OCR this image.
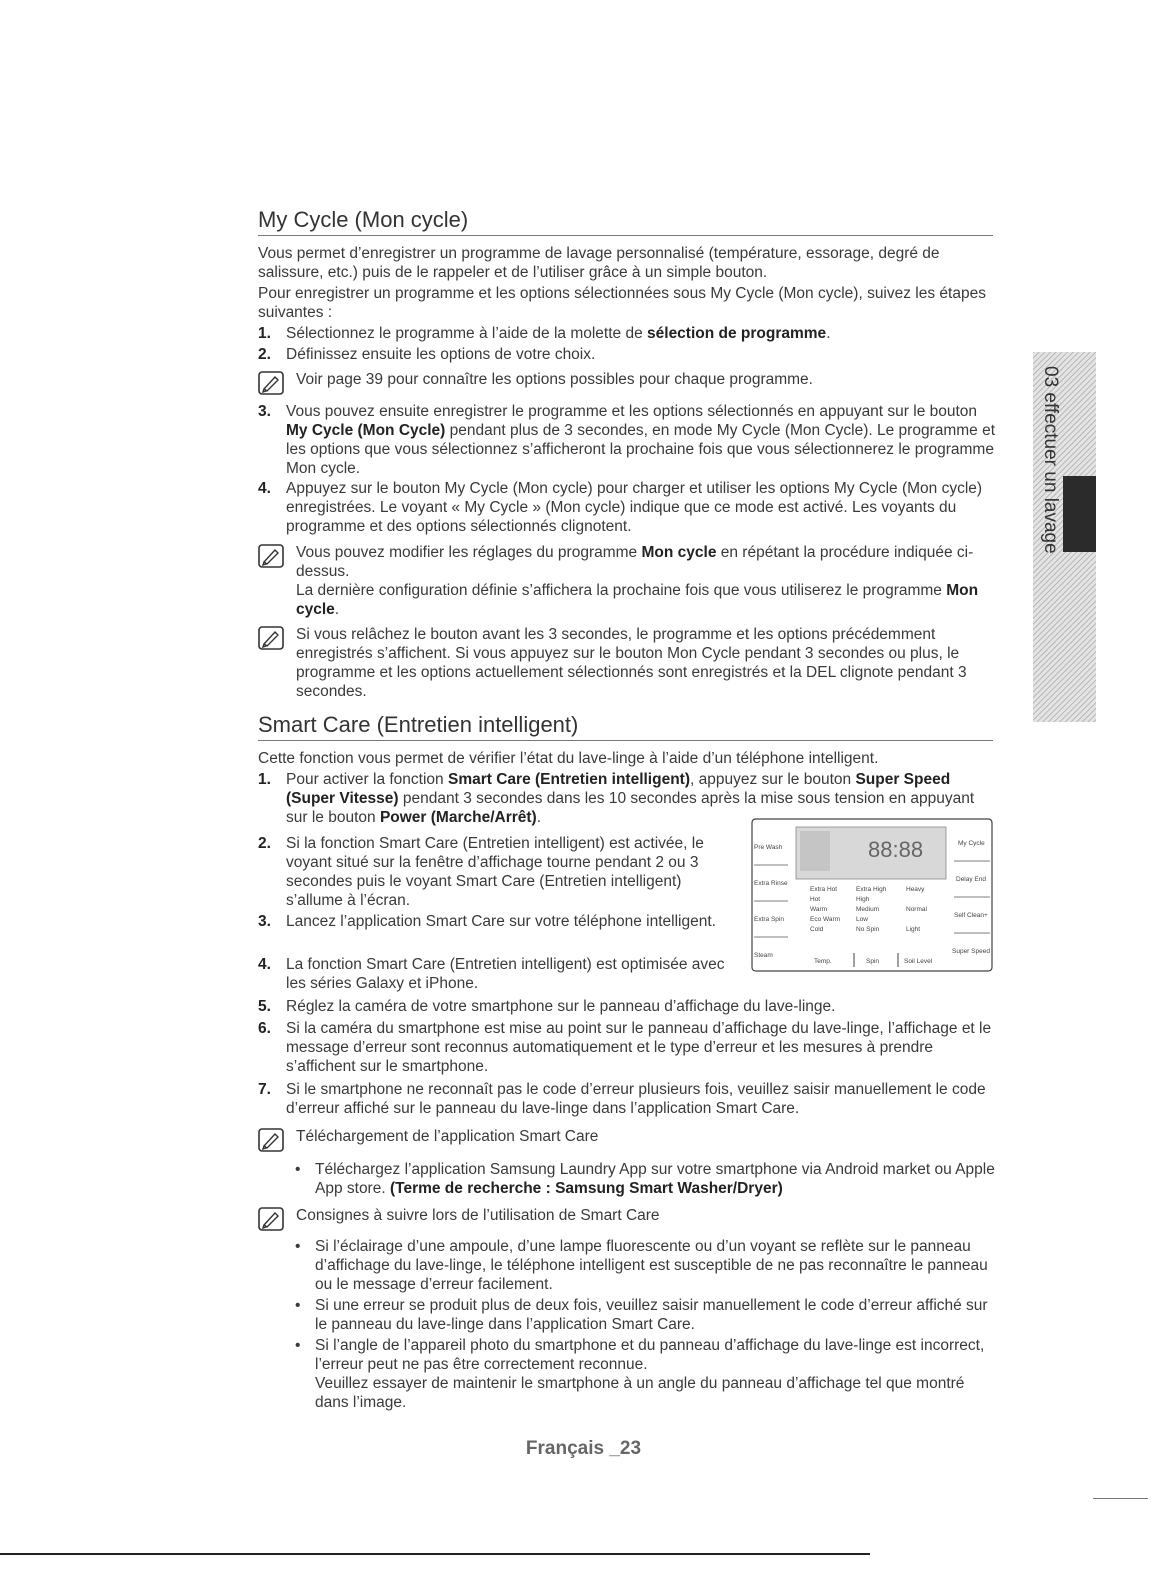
My Cycle (Mon cycle)
Vous permet d’enregistrer un programme de lavage personnalisé (température, essorage, degré de salissure, etc.) puis de le rappeler et de l’utiliser grâce à un simple bouton.
Pour enregistrer un programme et les options sélectionnées sous My Cycle (Mon cycle), suivez les étapes suivantes :
1. Sélectionnez le programme à l’aide de la molette de sélection de programme.
2. Définissez ensuite les options de votre choix.
Voir page 39 pour connaître les options possibles pour chaque programme.
3. Vous pouvez ensuite enregistrer le programme et les options sélectionnés en appuyant sur le bouton My Cycle (Mon Cycle) pendant plus de 3 secondes, en mode My Cycle (Mon Cycle). Le programme et les options que vous sélectionnez s’afficheront la prochaine fois que vous sélectionnerez le programme Mon cycle.
4. Appuyez sur le bouton My Cycle (Mon cycle) pour charger et utiliser les options My Cycle (Mon cycle) enregistrées. Le voyant « My Cycle » (Mon cycle) indique que ce mode est activé. Les voyants du programme et des options sélectionnés clignotent.
Vous pouvez modifier les réglages du programme Mon cycle en répétant la procédure indiquée ci-dessus.
La dernière configuration définie s’affichera la prochaine fois que vous utiliserez le programme Mon cycle.
Si vous relâchez le bouton avant les 3 secondes, le programme et les options précédemment enregistrés s’affichent. Si vous appuyez sur le bouton Mon Cycle pendant 3 secondes ou plus, le programme et les options actuellement sélectionnés sont enregistrés et la DEL clignote pendant 3 secondes.
Smart Care (Entretien intelligent)
Cette fonction vous permet de vérifier l’état du lave-linge à l’aide d’un téléphone intelligent.
1. Pour activer la fonction Smart Care (Entretien intelligent), appuyez sur le bouton Super Speed (Super Vitesse) pendant 3 secondes dans les 10 secondes après la mise sous tension en appuyant sur le bouton Power (Marche/Arrêt).
2. Si la fonction Smart Care (Entretien intelligent) est activée, le voyant situé sur la fenêtre d’affichage tourne pendant 2 ou 3 secondes puis le voyant Smart Care (Entretien intelligent) s’allume à l’écran.
3. Lancez l’application Smart Care sur votre téléphone intelligent.
4. La fonction Smart Care (Entretien intelligent) est optimisée avec les séries Galaxy et iPhone.
88:88
Pre Wash
Extra Rinse
Extra Spin
Steam
My Cycle
Delay End
Self Clean+
Super Speed
Extra Hot
Hot
Warm
Eco Warm
Cold
Extra High
High
Medium
Low
No Spin
Heavy
Normal
Light
Temp.	Spin	Soil Level
5. Réglez la caméra de votre smartphone sur le panneau d’affichage du lave-linge.
6. Si la caméra du smartphone est mise au point sur le panneau d’affichage du lave-linge, l’affichage et le message d’erreur sont reconnus automatiquement et le type d’erreur et les mesures à prendre s’affichent sur le smartphone.
7. Si le smartphone ne reconnaît pas le code d’erreur plusieurs fois, veuillez saisir manuellement le code d’erreur affiché sur le panneau du lave-linge dans l’application Smart Care.
Téléchargement de l’application Smart Care
• Téléchargez l’application Samsung Laundry App sur votre smartphone via Android market ou Apple App store. (Terme de recherche : Samsung Smart Washer/Dryer)
Consignes à suivre lors de l’utilisation de Smart Care
• Si l’éclairage d’une ampoule, d’une lampe fluorescente ou d’un voyant se reflète sur le panneau d’affichage du lave-linge, le téléphone intelligent est susceptible de ne pas reconnaître le panneau ou le message d’erreur facilement.
• Si une erreur se produit plus de deux fois, veuillez saisir manuellement le code d’erreur affiché sur le panneau du lave-linge dans l’application Smart Care.
• Si l’angle de l’appareil photo du smartphone et du panneau d’affichage du lave-linge est incorrect, l’erreur peut ne pas être correctement reconnue.
Veuillez essayer de maintenir le smartphone à un angle du panneau d’affichage tel que montré dans l’image.
03 effectuer un lavage
Français _23
